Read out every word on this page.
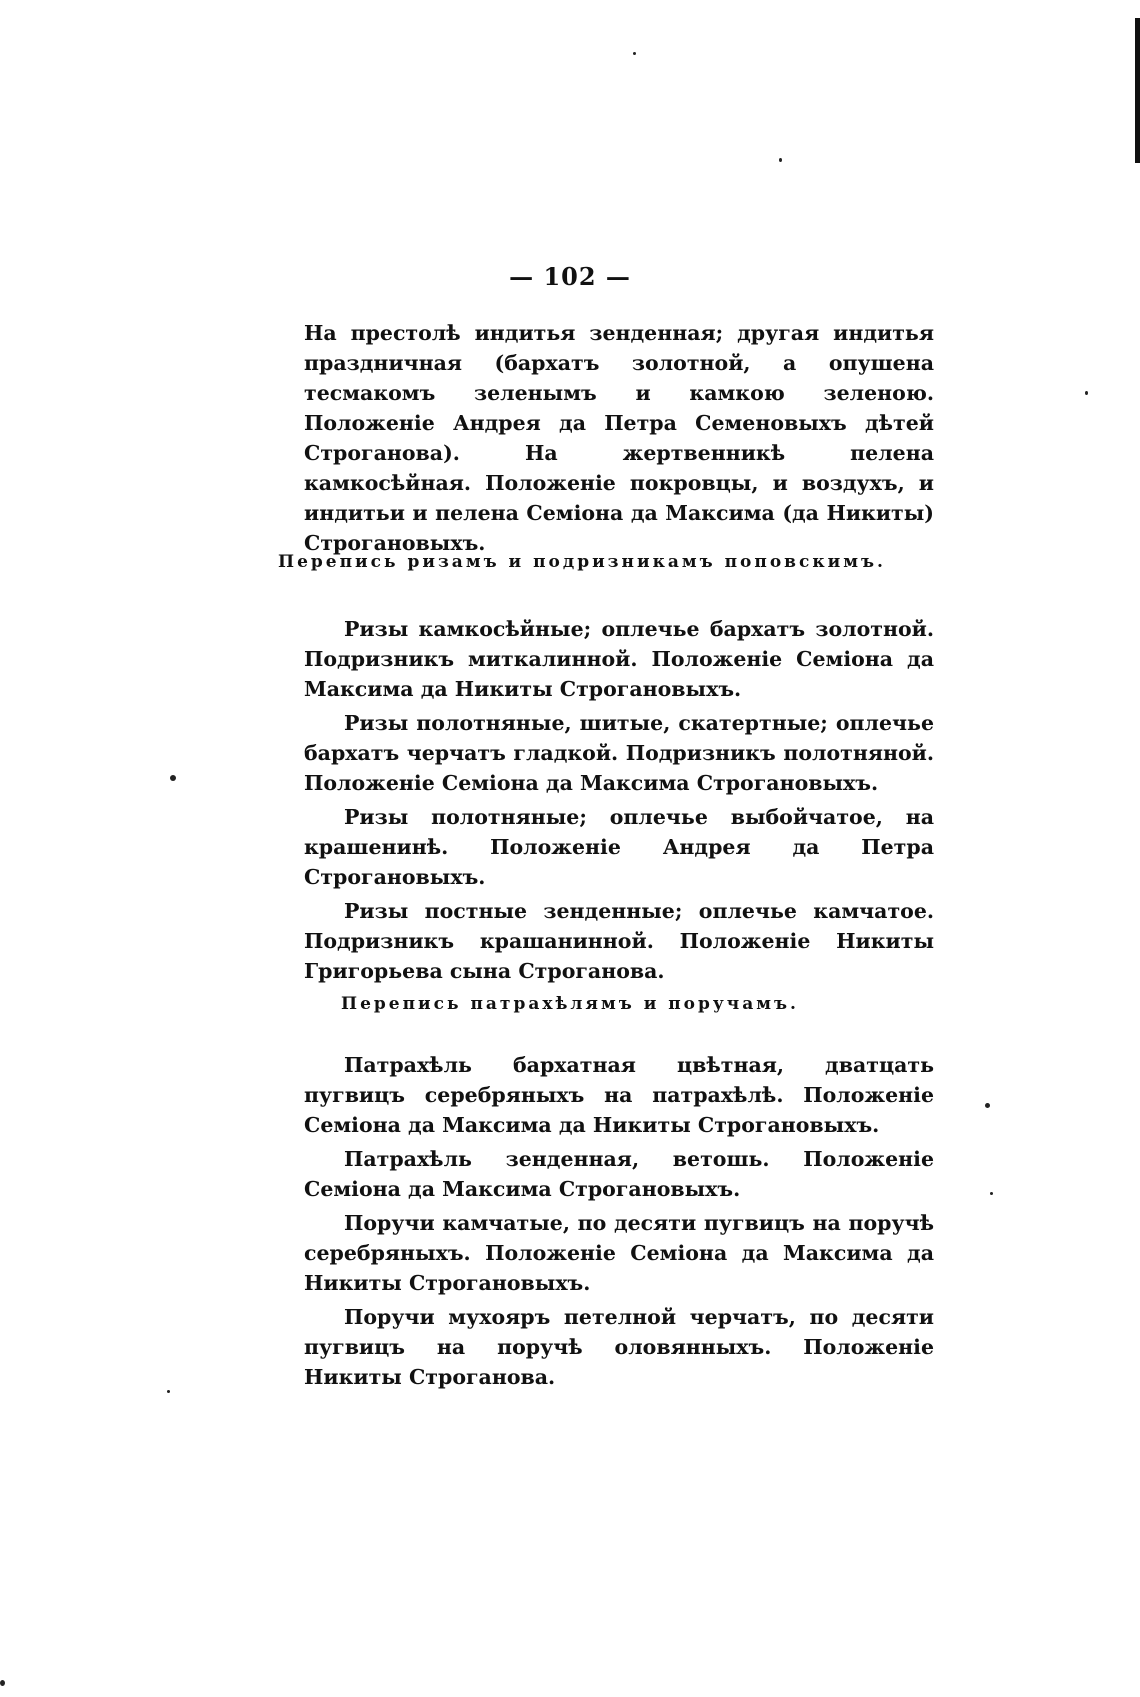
— 102 —

На престолѣ индитья зенденная; другая индитья праздничная (бархатъ золотной, а опушена тесмакомъ зеленымъ и камкою зеленою. Положеніе Андрея да Петра Семеновыхъ дѣтей Строганова). На жертвенникѣ пелена камкосѣйная. Положеніе покровцы, и воздухъ, и индитьи и пелена Семіона да Максима (да Никиты) Строгановыхъ.

Перепись ризамъ и подризникамъ поповскимъ.

Ризы камкосѣйные; оплечье бархатъ золотной. Подризникъ миткалинной. Положеніе Семіона да Максима да Никиты Строгановыхъ.

Ризы полотняные, шитые, скатертные; оплечье бархатъ черчатъ гладкой. Подризникъ полотняной. Положеніе Семіона да Максима Строгановыхъ.

Ризы полотняные; оплечье выбойчатое, на крашенинѣ. Положеніе Андрея да Петра Строгановыхъ.

Ризы постные зенденные; оплечье камчатое. Подризникъ крашанинной. Положеніе Никиты Григорьева сына Строганова.

Перепись патрахѣлямъ и поручамъ.

Патрахѣль бархатная цвѣтная, дватцать пугвицъ серебряныхъ на патрахѣлѣ. Положеніе Семіона да Максима да Никиты Строгановыхъ.

Патрахѣль зенденная, ветошь. Положеніе Семіона да Максима Строгановыхъ.

Поручи камчатые, по десяти пугвицъ на поручѣ серебряныхъ. Положеніе Семіона да Максима да Никиты Строгановыхъ.

Поручи мухояръ петелной черчатъ, по десяти пугвицъ на поручѣ оловянныхъ. Положеніе Никиты Строганова.
